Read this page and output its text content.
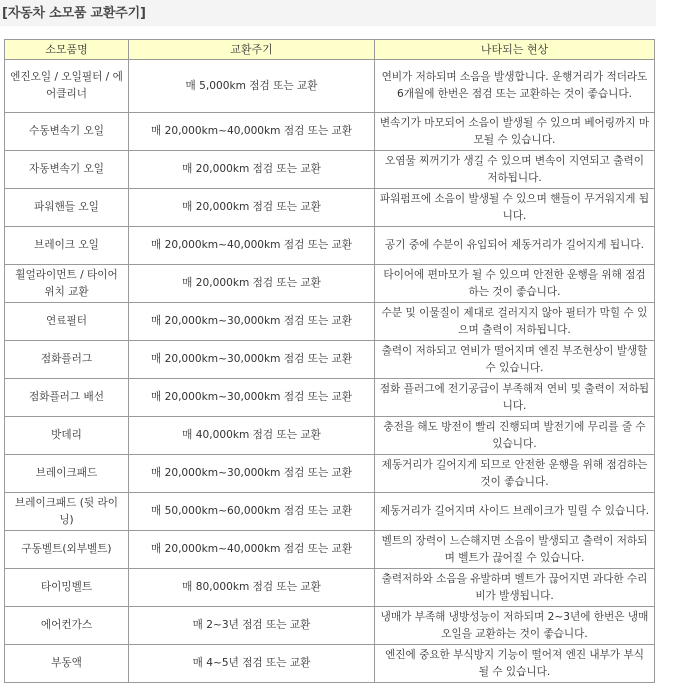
[자동차 소모품 교환주기]
소모품명	교환주기	나타되는 현상
엔진오일 / 오일필터 / 에어클리너	매 5,000km 점검 또는 교환	연비가 저하되며 소음을 발생합니다. 운행거리가 적더라도 6개월에 한번은 점검 또는 교환하는 것이 좋습니다.
수동변속기 오일	매 20,000km~40,000km 점검 또는 교환	변속기가 마모되어 소음이 발생될 수 있으며 베어링까지 마모될 수 있습니다.
자동변속기 오일	매 20,000km 점검 또는 교환	오염물 찌꺼기가 생길 수 있으며 변속이 지연되고 출력이 저하됩니다.
파워핸들 오일	매 20,000km 점검 또는 교환	파워펌프에 소음이 발생될 수 있으며 핸들이 무거워지게 됩니다.
브레이크 오일	매 20,000km~40,000km 점검 또는 교환	공기 중에 수분이 유입되어 제동거리가 길어지게 됩니다.
휠얼라이먼트 / 타이어 위치 교환	매 20,000km 점검 또는 교환	타이어에 편마모가 될 수 있으며 안전한 운행을 위해 점검하는 것이 좋습니다.
연료필터	매 20,000km~30,000km 점검 또는 교환	수분 및 이물질이 제대로 걸러지지 않아 필터가 막힐 수 있으며 출력이 저하됩니다.
점화플러그	매 20,000km~30,000km 점검 또는 교환	출력이 저하되고 연비가 떨어지며 엔진 부조현상이 발생할 수 있습니다.
점화플러그 배선	매 20,000km~30,000km 점검 또는 교환	점화 플러그에 전기공급이 부족해져 연비 및 출력이 저하됩니다.
밧데리	매 40,000km 점검 또는 교환	충전을 해도 방전이 빨리 진행되며 발전기에 무리를 줄 수 있습니다.
브레이크패드	매 20,000km~30,000km 점검 또는 교환	제동거리가 길어지게 되므로 안전한 운행을 위해 점검하는 것이 좋습니다.
브레이크패드 (뒷 라이닝)	매 50,000km~60,000km 점검 또는 교환	제동거리가 길어지며 사이드 브레이크가 밀릴 수 있습니다.
구동벨트(외부벨트)	매 20,000km~40,000km 점검 또는 교환	벨트의 장력이 느슨해지면 소음이 발생되고 출력이 저하되며 벨트가 끊어질 수 있습니다.
타이밍벨트	매 80,000km 점검 또는 교환	출력저하와 소음을 유발하며 벨트가 끊어지면 과다한 수리비가 발생됩니다.
에어컨가스	매 2~3년 점검 또는 교환	냉매가 부족해 냉방성능이 저하되며 2~3년에 한번은 냉매오일을 교환하는 것이 좋습니다.
부동액	매 4~5년 점검 또는 교환	엔진에 중요한 부식방지 기능이 떨어져 엔진 내부가 부식 될 수 있습니다.
